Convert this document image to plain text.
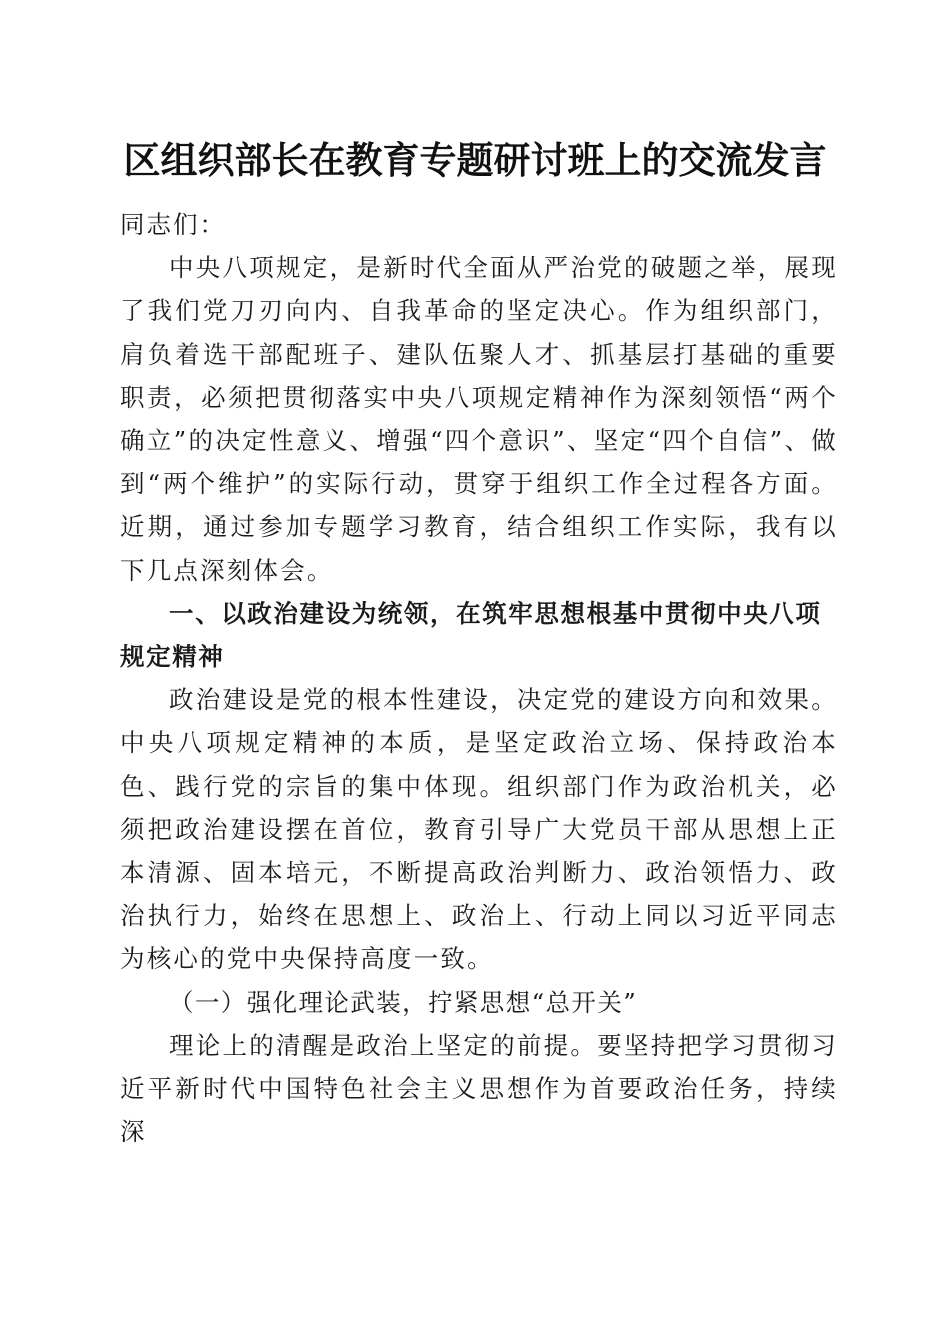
区组织部长在教育专题研讨班上的交流发言

同志们：

中央八项规定，是新时代全面从严治党的破题之举，展现了我们党刀刃向内、自我革命的坚定决心。作为组织部门，肩负着选干部配班子、建队伍聚人才、抓基层打基础的重要职责，必须把贯彻落实中央八项规定精神作为深刻领悟“两个确立”的决定性意义、增强“四个意识”、坚定“四个自信”、做到“两个维护”的实际行动，贯穿于组织工作全过程各方面。近期，通过参加专题学习教育，结合组织工作实际，我有以下几点深刻体会。

一、以政治建设为统领，在筑牢思想根基中贯彻中央八项规定精神

政治建设是党的根本性建设，决定党的建设方向和效果。中央八项规定精神的本质，是坚定政治立场、保持政治本色、践行党的宗旨的集中体现。组织部门作为政治机关，必须把政治建设摆在首位，教育引导广大党员干部从思想上正本清源、固本培元，不断提高政治判断力、政治领悟力、政治执行力，始终在思想上、政治上、行动上同以习近平同志为核心的党中央保持高度一致。

（一）强化理论武装，拧紧思想“总开关”

理论上的清醒是政治上坚定的前提。要坚持把学习贯彻习近平新时代中国特色社会主义思想作为首要政治任务，持续深
